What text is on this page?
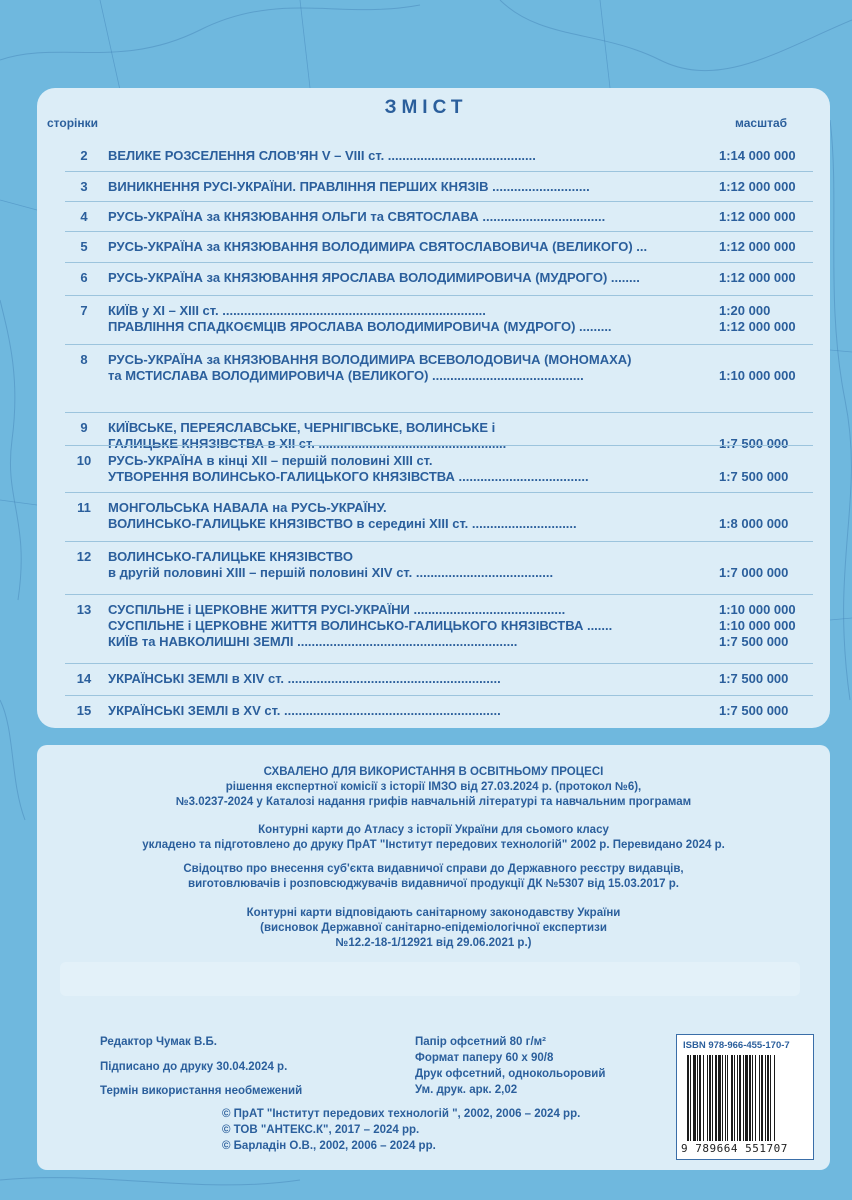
ЗМІСТ
сторінки	масштаб
2	ВЕЛИКЕ РОЗСЕЛЕННЯ СЛОВ'ЯН V – VIII ст. .........................................	1:14 000 000
3	ВИНИКНЕННЯ РУСІ-УКРАЇНИ. ПРАВЛІННЯ ПЕРШИХ КНЯЗІВ ...........................	1:12 000 000
4	РУСЬ-УКРАЇНА за КНЯЗЮВАННЯ ОЛЬГИ та СВЯТОСЛАВА ..................................	1:12 000 000
5	РУСЬ-УКРАЇНА за КНЯЗЮВАННЯ ВОЛОДИМИРА СВЯТОСЛАВОВИЧА (ВЕЛИКОГО) ...	1:12 000 000
6	РУСЬ-УКРАЇНА за КНЯЗЮВАННЯ ЯРОСЛАВА ВОЛОДИМИРОВИЧА (МУДРОГО) ........	1:12 000 000
7	КИЇВ у XI – XIII ст. .........................................................................	1:20 000
ПРАВЛІННЯ СПАДКОЄМЦІВ ЯРОСЛАВА ВОЛОДИМИРОВИЧА (МУДРОГО) .........	1:12 000 000
8	РУСЬ-УКРАЇНА за КНЯЗЮВАННЯ ВОЛОДИМИРА ВСЕВОЛОДОВИЧА (МОНОМАХА)
та МСТИСЛАВА ВОЛОДИМИРОВИЧА (ВЕЛИКОГО) ..........................................	1:10 000 000
9	КИЇВСЬКЕ, ПЕРЕЯСЛАВСЬКЕ, ЧЕРНІГІВСЬКЕ, ВОЛИНСЬКЕ і
ГАЛИЦЬКЕ КНЯЗІВСТВА в XII ст. ....................................................	1:7 500 000
10	РУСЬ-УКРАЇНА в кінці XII – першій половині XIII ст.
УТВОРЕННЯ ВОЛИНСЬКО-ГАЛИЦЬКОГО КНЯЗІВСТВА ....................................	1:7 500 000
11	МОНГОЛЬСЬКА НАВАЛА на РУСЬ-УКРАЇНУ.
ВОЛИНСЬКО-ГАЛИЦЬКЕ КНЯЗІВСТВО в середині XIII ст. .............................	1:8 000 000
12	ВОЛИНСЬКО-ГАЛИЦЬКЕ КНЯЗІВСТВО
в другій половині XIII – першій половині XIV ст. ......................................	1:7 000 000
13	СУСПІЛЬНЕ і ЦЕРКОВНЕ ЖИТТЯ РУСІ-УКРАЇНИ ..........................................	1:10 000 000
СУСПІЛЬНЕ і ЦЕРКОВНЕ ЖИТТЯ ВОЛИНСЬКО-ГАЛИЦЬКОГО КНЯЗІВСТВА .......	1:10 000 000
КИЇВ та НАВКОЛИШНІ ЗЕМЛІ .............................................................	1:7 500 000
14	УКРАЇНСЬКІ ЗЕМЛІ в XIV ст. ...........................................................	1:7 500 000
15	УКРАЇНСЬКІ ЗЕМЛІ в XV ст. ............................................................	1:7 500 000
СХВАЛЕНО ДЛЯ ВИКОРИСТАННЯ В ОСВІТНЬОМУ ПРОЦЕСІ
рішення експертної комісії з історії ІМЗО від 27.03.2024 р. (протокол №6),
№3.0237-2024 у Каталозі надання грифів навчальній літературі та навчальним програмам
Контурні карти до Атласу з історії України для сьомого класу
укладено та підготовлено до друку ПрАТ "Інститут передових технологій" 2002 р. Перевидано 2024 р.
Свідоцтво про внесення суб'єкта видавничої справи до Державного реєстру видавців,
виготовлювачів і розповсюджувачів видавничої продукції ДК №5307 від 15.03.2017 р.
Контурні карти відповідають санітарному законодавству України
(висновок Державної санітарно-епідеміологічної експертизи
№12.2-18-1/12921 від 29.06.2021 р.)
Редактор Чумак В.Б.
Підписано до друку 30.04.2024 р.
Термін використання необмежений
Папір офсетний 80 г/м²
Формат паперу 60 x 90/8
Друк офсетний, однокольоровий
Ум. друк. арк. 2,02
© ПрАТ "Інститут передових технологій ", 2002, 2006 – 2024 рр.
© ТОВ "АНТЕКС.К", 2017 – 2024 рр.
© Барладін О.В., 2002, 2006 – 2024 рр.
ISBN 978-966-455-170-7
9 789664 551707
